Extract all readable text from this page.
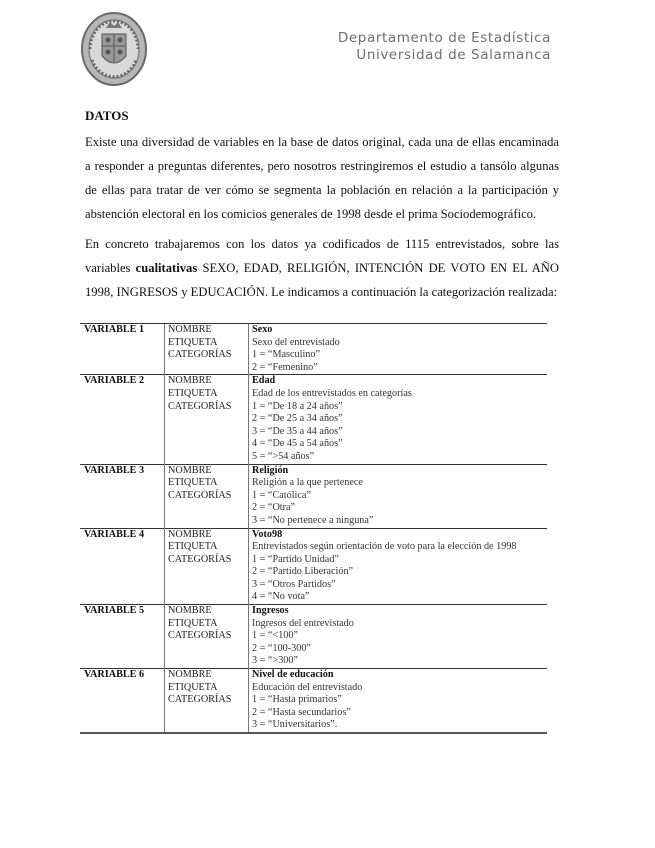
Departamento de Estadística
Universidad de Salamanca
DATOS
Existe una diversidad de variables en la base de datos original, cada una de ellas encaminada a responder a preguntas diferentes, pero nosotros restringiremos el estudio a tansólo algunas de ellas para tratar de ver cómo se segmenta la población en relación a la participación y abstención electoral en los comicios generales de 1998 desde el prima Sociodemográfico.
En concreto trabajaremos con los datos ya codificados de 1115 entrevistados, sobre las variables cualitativas SEXO, EDAD, RELIGIÓN, INTENCIÓN DE VOTO EN EL AÑO 1998, INGRESOS y EDUCACIÓN. Le indicamos a continuación la categorización realizada:
VARIABLE 1	NOMBRE	Sexo
	ETIQUETA	Sexo del entrevistado
	CATEGORÍAS	1 = “Masculino”
2 = “Femenino”

VARIABLE 2	NOMBRE	Edad
	ETIQUETA	Edad de los entrevistados en categorías
	CATEGORÍAS	1 = “De 18 a 24 años”
2 = “De 25 a 34 años”
3 = “De 35 a 44 años”
4 = “De 45 a 54 años”
5 = “>54 años”

VARIABLE 3	NOMBRE	Religión
	ETIQUETA	Religión a la que pertenece
	CATEGORÍAS	1 = “Católica”
2 = “Otra”
3 = “No pertenece a ninguna”

VARIABLE 4	NOMBRE	Voto98
	ETIQUETA	Entrevistados según orientación de voto para la elección de 1998
	CATEGORÍAS	1 = “Partido Unidad”
2 = “Partido Liberación”
3 = “Otros Partidos”
4 = “No vota”

VARIABLE 5	NOMBRE	Ingresos
	ETIQUETA	Ingresos del entrevistado
	CATEGORÍAS	1 = “<100”
2 = “100-300”
3 = “>300”

VARIABLE 6	NOMBRE	Nivel de educación
	ETIQUETA	Educación del entrevistado
	CATEGORÍAS	1 = “Hasta primarios”
2 = “Hasta secundarios”
3 = “Universitarios”.
